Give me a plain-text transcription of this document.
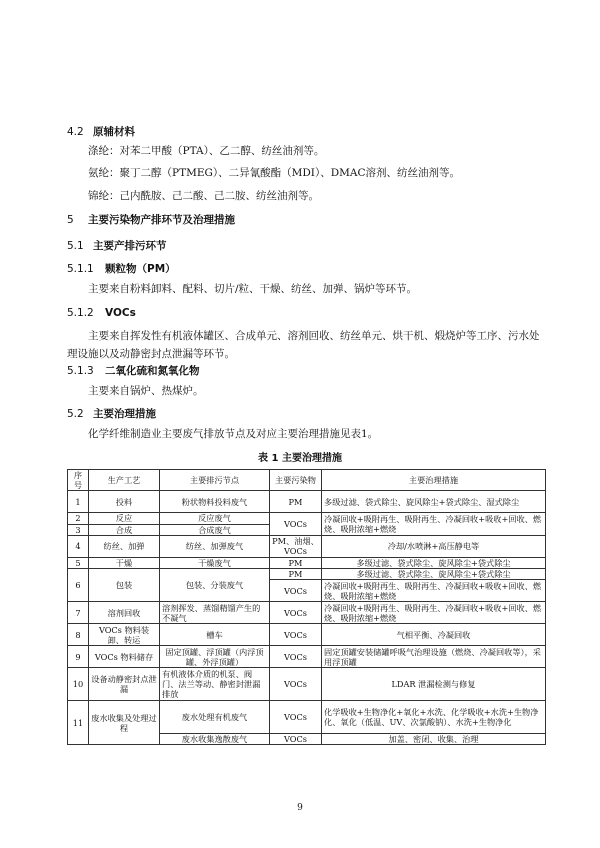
4.2 原辅材料
涤纶：对苯二甲酸（PTA）、乙二醇、纺丝油剂等。
氨纶：聚丁二醇（PTMEG）、二异氰酸酯（MDI）、DMAC溶剂、纺丝油剂等。
锦纶：己内酰胺、己二酸、己二胺、纺丝油剂等。
5 主要污染物产排环节及治理措施
5.1 主要产排污环节
5.1.1 颗粒物（PM）
主要来自粉料卸料、配料、切片/粒、干燥、纺丝、加弹、锅炉等环节。
5.1.2 VOCs
主要来自挥发性有机液体罐区、合成单元、溶剂回收、纺丝单元、烘干机、煅烧炉等工序、污水处理设施以及动静密封点泄漏等环节。
5.1.3 二氧化硫和氮氧化物
主要来自锅炉、热煤炉。
5.2 主要治理措施
化学纤维制造业主要废气排放节点及对应主要治理措施见表1。
表 1 主要治理措施
序号	生产工艺	主要排污节点	主要污染物	主要治理措施
1	投料	粉状物料投料废气	PM	多级过滤、袋式除尘、旋风除尘+袋式除尘、湿式除尘
2	反应	反应废气	VOCs	冷凝回收+吸附再生、吸附再生、冷凝回收+吸收+回收、燃烧、吸附浓缩+燃烧
3	合成	合成废气		
4	纺丝、加弹	纺丝、加弹废气	PM、油烟、VOCs	冷却/水喷淋+高压静电等
5	干燥	干燥废气	PM	多级过滤、袋式除尘、旋风除尘+袋式除尘
6	包装	包装、分装废气	PM	多级过滤、袋式除尘、旋风除尘+袋式除尘
			VOCs	冷凝回收+吸附再生、吸附再生、冷凝回收+吸收+回收、燃烧、吸附浓缩+燃烧
7	溶剂回收	溶剂挥发、蒸馏精馏产生的不凝气	VOCs	冷凝回收+吸附再生、吸附再生、冷凝回收+吸收+回收、燃烧、吸附浓缩+燃烧
8	VOCs 物料装卸、转运	槽车	VOCs	气相平衡、冷凝回收
9	VOCs 物料储存	固定顶罐、浮顶罐（内浮顶罐、外浮顶罐）	VOCs	固定顶罐安装储罐呼吸气治理设施（燃烧、冷凝回收等），采用浮顶罐
10	设备动静密封点泄漏	有机液体介质的机泵、阀门、法兰等动、静密封泄漏排放	VOCs	LDAR 泄漏检测与修复
11	废水收集及处理过程	废水处理有机废气	VOCs	化学吸收+生物净化+氧化+水洗、化学吸收+水洗+生物净化、氧化（低温、UV、次氯酸钠）、水洗+生物净化
		废水收集逸散废气	VOCs	加盖、密闭、收集、治理
9
